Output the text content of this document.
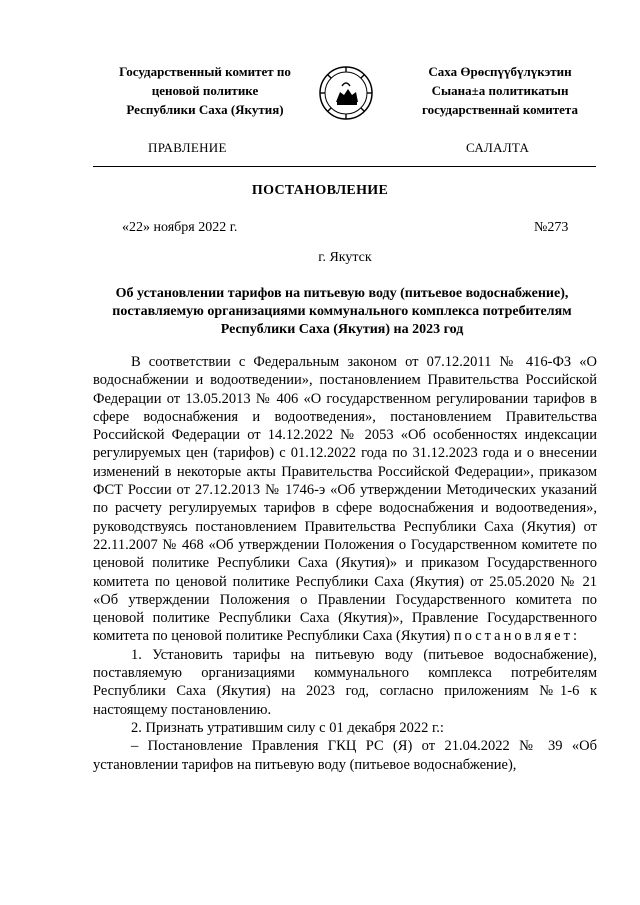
Государственный комитет по
ценовой политике
Республики Саха (Якутия)
Саха Өрөспүүбүлүкэтин
Сыана±а политикатын
государственнай комитета
ПРАВЛЕНИЕ	САЛАЛТА
ПОСТАНОВЛЕНИЕ
«22» ноября 2022 г.	№273
г. Якутск
Об установлении тарифов на питьевую воду (питьевое водоснабжение), поставляемую организациями коммунального комплекса потребителям Республики Саха (Якутия) на 2023 год

В соответствии с Федеральным законом от 07.12.2011 № 416-ФЗ «О водоснабжении и водоотведении», постановлением Правительства Российской Федерации от 13.05.2013 № 406 «О государственном регулировании тарифов в сфере водоснабжения и водоотведения», постановлением Правительства Российской Федерации от 14.12.2022 № 2053 «Об особенностях индексации регулируемых цен (тарифов) с 01.12.2022 года по 31.12.2023 года и о внесении изменений в некоторые акты Правительства Российской Федерации», приказом ФСТ России от 27.12.2013 № 1746-э «Об утверждении Методических указаний по расчету регулируемых тарифов в сфере водоснабжения и водоотведения», руководствуясь постановлением Правительства Республики Саха (Якутия) от 22.11.2007 № 468 «Об утверждении Положения о Государственном комитете по ценовой политике Республики Саха (Якутия)» и приказом Государственного комитета по ценовой политике Республики Саха (Якутия) от 25.05.2020 № 21 «Об утверждении Положения о Правлении Государственного комитета по ценовой политике Республики Саха (Якутия)», Правление Государственного комитета по ценовой политике Республики Саха (Якутия) постановляет:

1. Установить тарифы на питьевую воду (питьевое водоснабжение), поставляемую организациями коммунального комплекса потребителям Республики Саха (Якутия) на 2023 год, согласно приложениям №1-6 к настоящему постановлению.

2. Признать утратившим силу с 01 декабря 2022 г.:

– Постановление Правления ГКЦ РС (Я) от 21.04.2022 № 39 «Об установлении тарифов на питьевую воду (питьевое водоснабжение),
